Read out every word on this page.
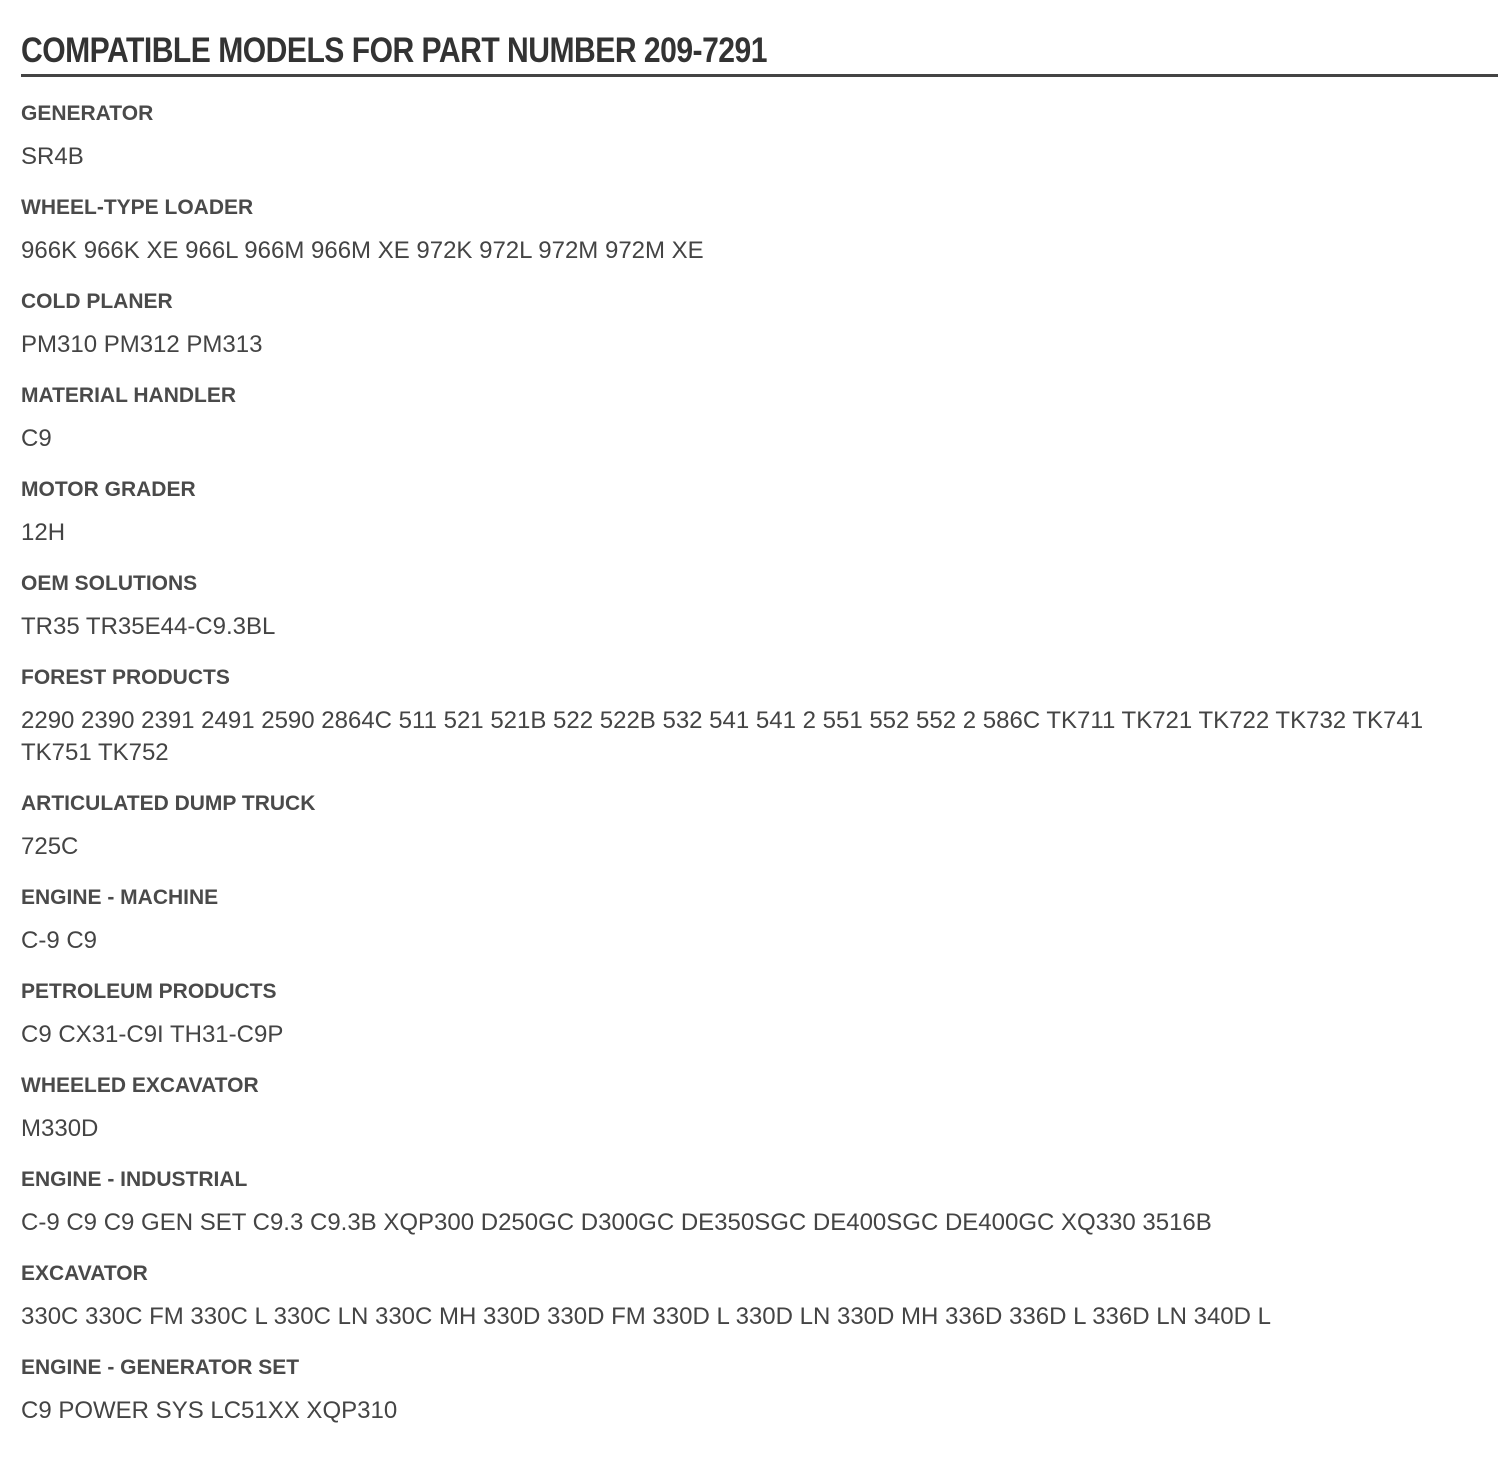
COMPATIBLE MODELS FOR PART NUMBER 209-7291
GENERATOR
SR4B
WHEEL-TYPE LOADER
966K 966K XE 966L 966M 966M XE 972K 972L 972M 972M XE
COLD PLANER
PM310 PM312 PM313
MATERIAL HANDLER
C9
MOTOR GRADER
12H
OEM SOLUTIONS
TR35 TR35E44-C9.3BL
FOREST PRODUCTS
2290 2390 2391 2491 2590 2864C 511 521 521B 522 522B 532 541 541 2 551 552 552 2 586C TK711 TK721 TK722 TK732 TK741 TK751 TK752
ARTICULATED DUMP TRUCK
725C
ENGINE - MACHINE
C-9 C9
PETROLEUM PRODUCTS
C9 CX31-C9I TH31-C9P
WHEELED EXCAVATOR
M330D
ENGINE - INDUSTRIAL
C-9 C9 C9 GEN SET C9.3 C9.3B XQP300 D250GC D300GC DE350SGC DE400SGC DE400GC XQ330 3516B
EXCAVATOR
330C 330C FM 330C L 330C LN 330C MH 330D 330D FM 330D L 330D LN 330D MH 336D 336D L 336D LN 340D L
ENGINE - GENERATOR SET
C9 POWER SYS LC51XX XQP310
